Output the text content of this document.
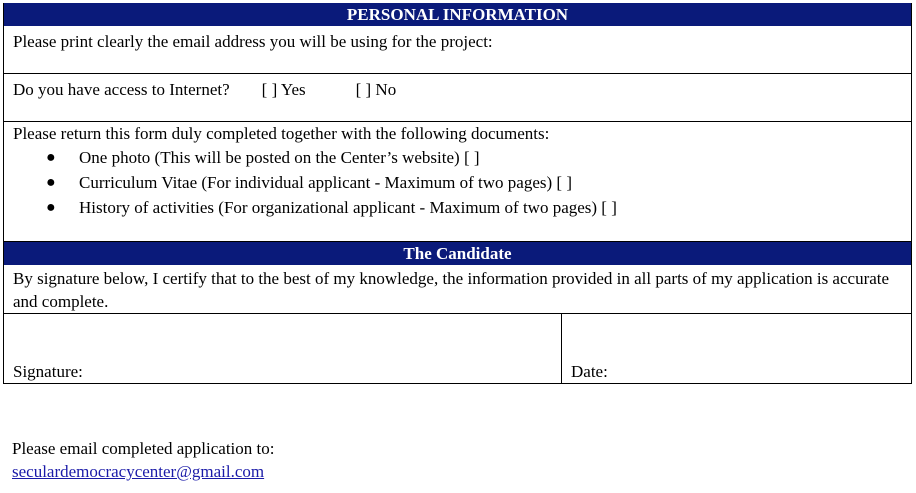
PERSONAL INFORMATION
Please print clearly the email address you will be using for the project:
Do you have access to Internet? [ ] Yes	[ ] No
Please return this form duly completed together with the following documents:
● One photo (This will be posted on the Center’s website) [ ]
● Curriculum Vitae (For individual applicant - Maximum of two pages) [ ]
● History of activities (For organizational applicant - Maximum of two pages) [ ]
The Candidate
By signature below, I certify that to the best of my knowledge, the information provided in all parts of my application is accurate and complete.
Signature:	Date:
Please email completed application to:
seculardemocracycenter@gmail.com
